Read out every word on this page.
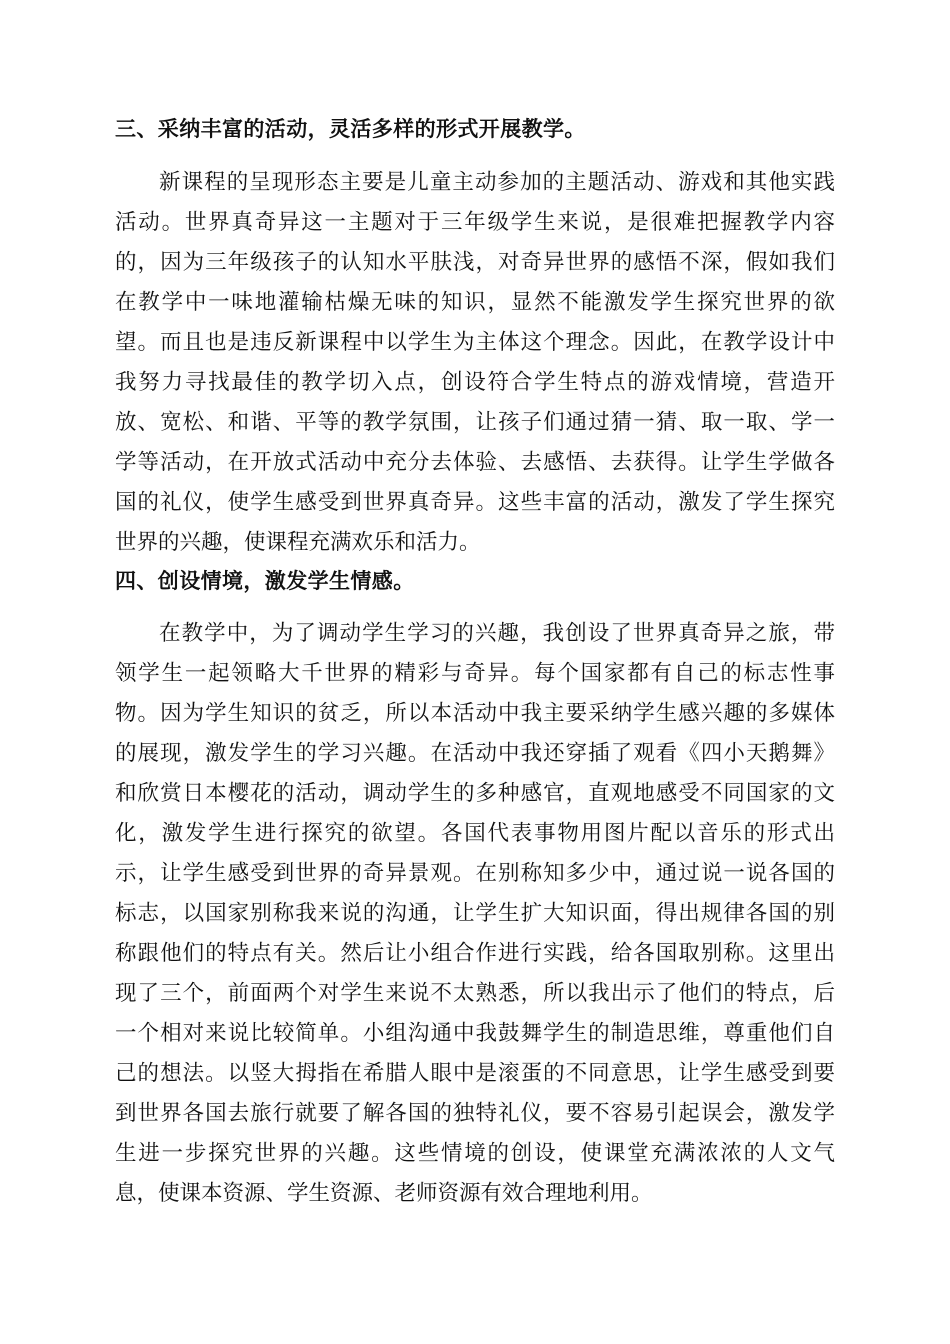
三、采纳丰富的活动，灵活多样的形式开展教学。
新课程的呈现形态主要是儿童主动参加的主题活动、游戏和其他实践
活动。世界真奇异这一主题对于三年级学生来说，是很难把握教学内容
的，因为三年级孩子的认知水平肤浅，对奇异世界的感悟不深，假如我们
在教学中一味地灌输枯燥无味的知识，显然不能激发学生探究世界的欲
望。而且也是违反新课程中以学生为主体这个理念。因此，在教学设计中
我努力寻找最佳的教学切入点，创设符合学生特点的游戏情境，营造开
放、宽松、和谐、平等的教学氛围，让孩子们通过猜一猜、取一取、学一
学等活动，在开放式活动中充分去体验、去感悟、去获得。让学生学做各
国的礼仪，使学生感受到世界真奇异。这些丰富的活动，激发了学生探究
世界的兴趣，使课程充满欢乐和活力。
四、创设情境，激发学生情感。
在教学中，为了调动学生学习的兴趣，我创设了世界真奇异之旅，带
领学生一起领略大千世界的精彩与奇异。每个国家都有自己的标志性事
物。因为学生知识的贫乏，所以本活动中我主要采纳学生感兴趣的多媒体
的展现，激发学生的学习兴趣。在活动中我还穿插了观看《四小天鹅舞》
和欣赏日本樱花的活动，调动学生的多种感官，直观地感受不同国家的文
化，激发学生进行探究的欲望。各国代表事物用图片配以音乐的形式出
示，让学生感受到世界的奇异景观。在别称知多少中，通过说一说各国的
标志，以国家别称我来说的沟通，让学生扩大知识面，得出规律各国的别
称跟他们的特点有关。然后让小组合作进行实践，给各国取别称。这里出
现了三个，前面两个对学生来说不太熟悉，所以我出示了他们的特点，后
一个相对来说比较简单。小组沟通中我鼓舞学生的制造思维，尊重他们自
己的想法。以竖大拇指在希腊人眼中是滚蛋的不同意思，让学生感受到要
到世界各国去旅行就要了解各国的独特礼仪，要不容易引起误会，激发学
生进一步探究世界的兴趣。这些情境的创设，使课堂充满浓浓的人文气
息，使课本资源、学生资源、老师资源有效合理地利用。
